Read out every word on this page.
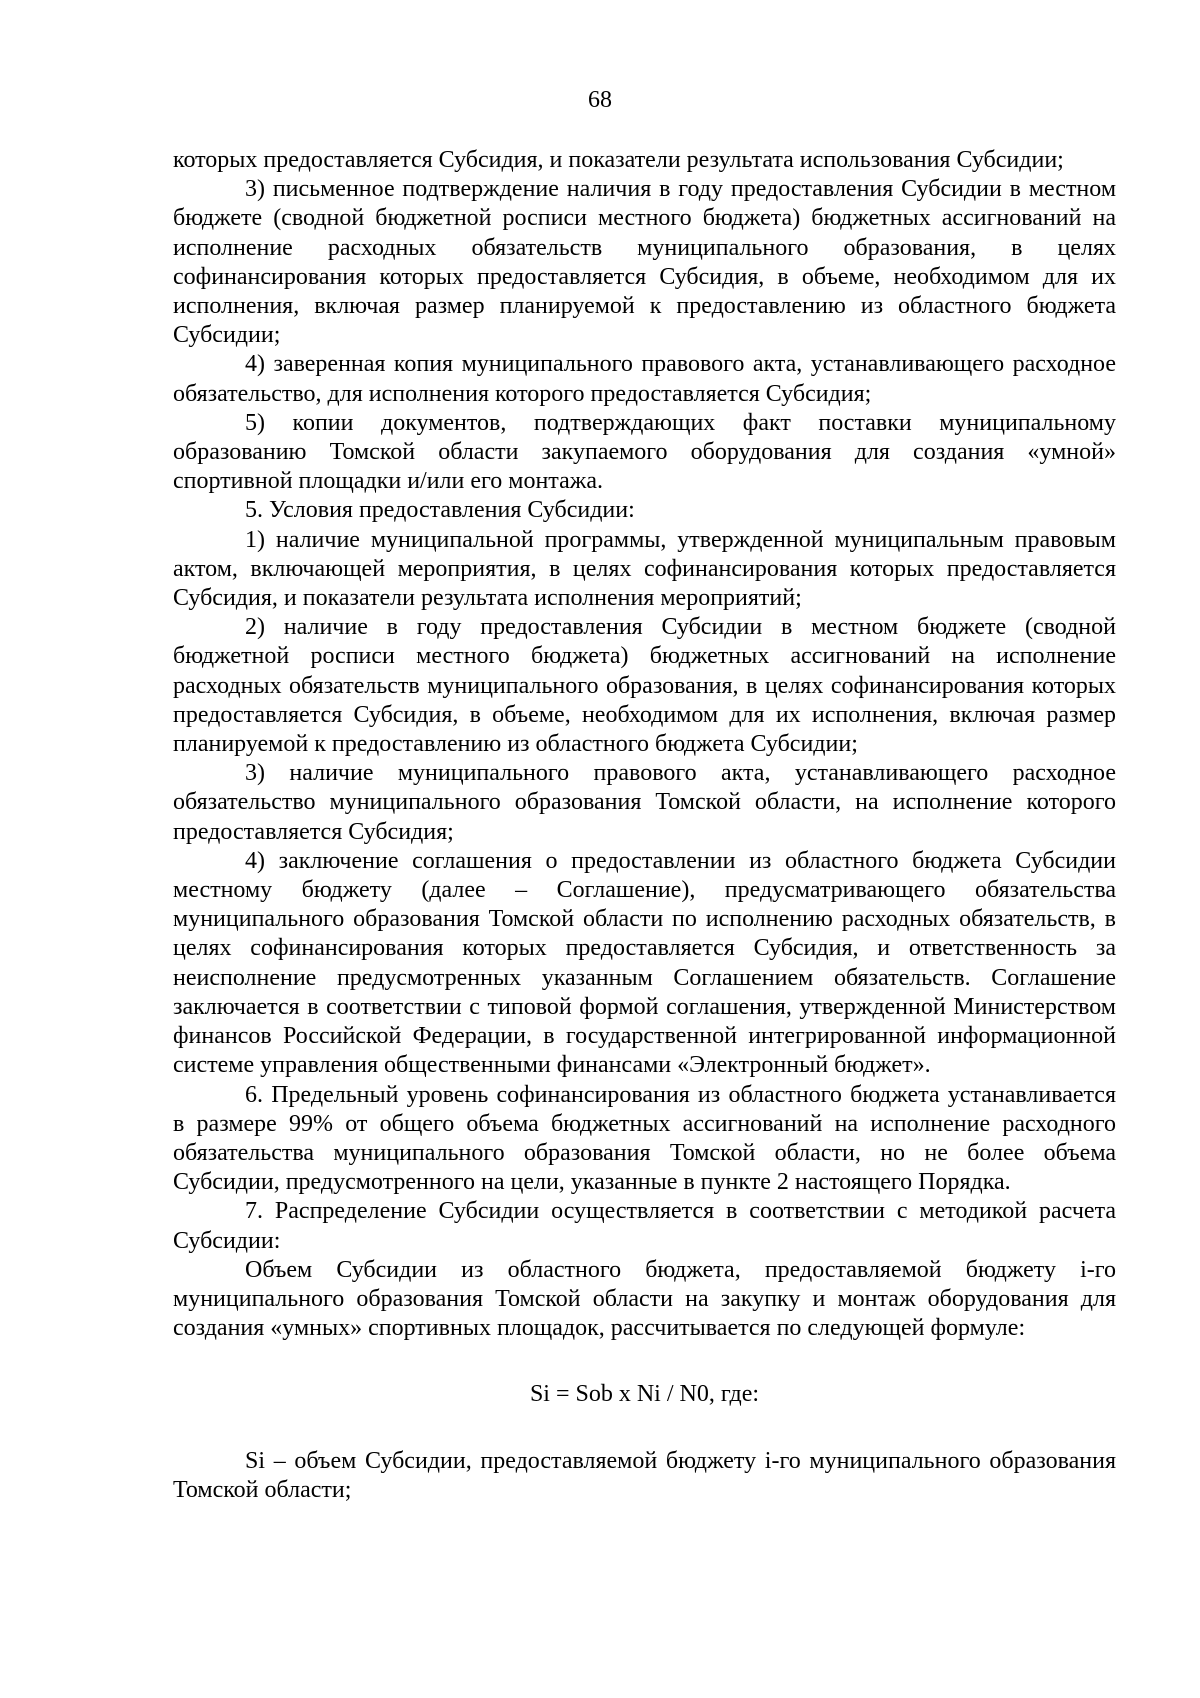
68

которых предоставляется Субсидия, и показатели результата использования Субсидии;

3) письменное подтверждение наличия в году предоставления Субсидии в местном бюджете (сводной бюджетной росписи местного бюджета) бюджетных ассигнований на исполнение расходных обязательств муниципального образования, в целях софинансирования которых предоставляется Субсидия, в объеме, необходимом для их исполнения, включая размер планируемой к предоставлению из областного бюджета Субсидии;

4) заверенная копия муниципального правового акта, устанавливающего расходное обязательство, для исполнения которого предоставляется Субсидия;

5) копии документов, подтверждающих факт поставки муниципальному образованию Томской области закупаемого оборудования для создания «умной» спортивной площадки и/или его монтажа.

5. Условия предоставления Субсидии:

1) наличие муниципальной программы, утвержденной муниципальным правовым актом, включающей мероприятия, в целях софинансирования которых предоставляется Субсидия, и показатели результата исполнения мероприятий;

2) наличие в году предоставления Субсидии в местном бюджете (сводной бюджетной росписи местного бюджета) бюджетных ассигнований на исполнение расходных обязательств муниципального образования, в целях софинансирования которых предоставляется Субсидия, в объеме, необходимом для их исполнения, включая размер планируемой к предоставлению из областного бюджета Субсидии;

3) наличие муниципального правового акта, устанавливающего расходное обязательство муниципального образования Томской области, на исполнение которого предоставляется Субсидия;

4) заключение соглашения о предоставлении из областного бюджета Субсидии местному бюджету (далее – Соглашение), предусматривающего обязательства муниципального образования Томской области по исполнению расходных обязательств, в целях софинансирования которых предоставляется Субсидия, и ответственность за неисполнение предусмотренных указанным Соглашением обязательств. Соглашение заключается в соответствии с типовой формой соглашения, утвержденной Министерством финансов Российской Федерации, в государственной интегрированной информационной системе управления общественными финансами «Электронный бюджет».

6. Предельный уровень софинансирования из областного бюджета устанавливается в размере 99% от общего объема бюджетных ассигнований на исполнение расходного обязательства муниципального образования Томской области, но не более объема Субсидии, предусмотренного на цели, указанные в пункте 2 настоящего Порядка.

7. Распределение Субсидии осуществляется в соответствии с методикой расчета Субсидии:

Объем Субсидии из областного бюджета, предоставляемой бюджету i-го муниципального образования Томской области на закупку и монтаж оборудования для создания «умных» спортивных площадок, рассчитывается по следующей формуле:

Si = Sob x Ni / N0, где:

Si – объем Субсидии, предоставляемой бюджету i-го муниципального образования Томской области;
